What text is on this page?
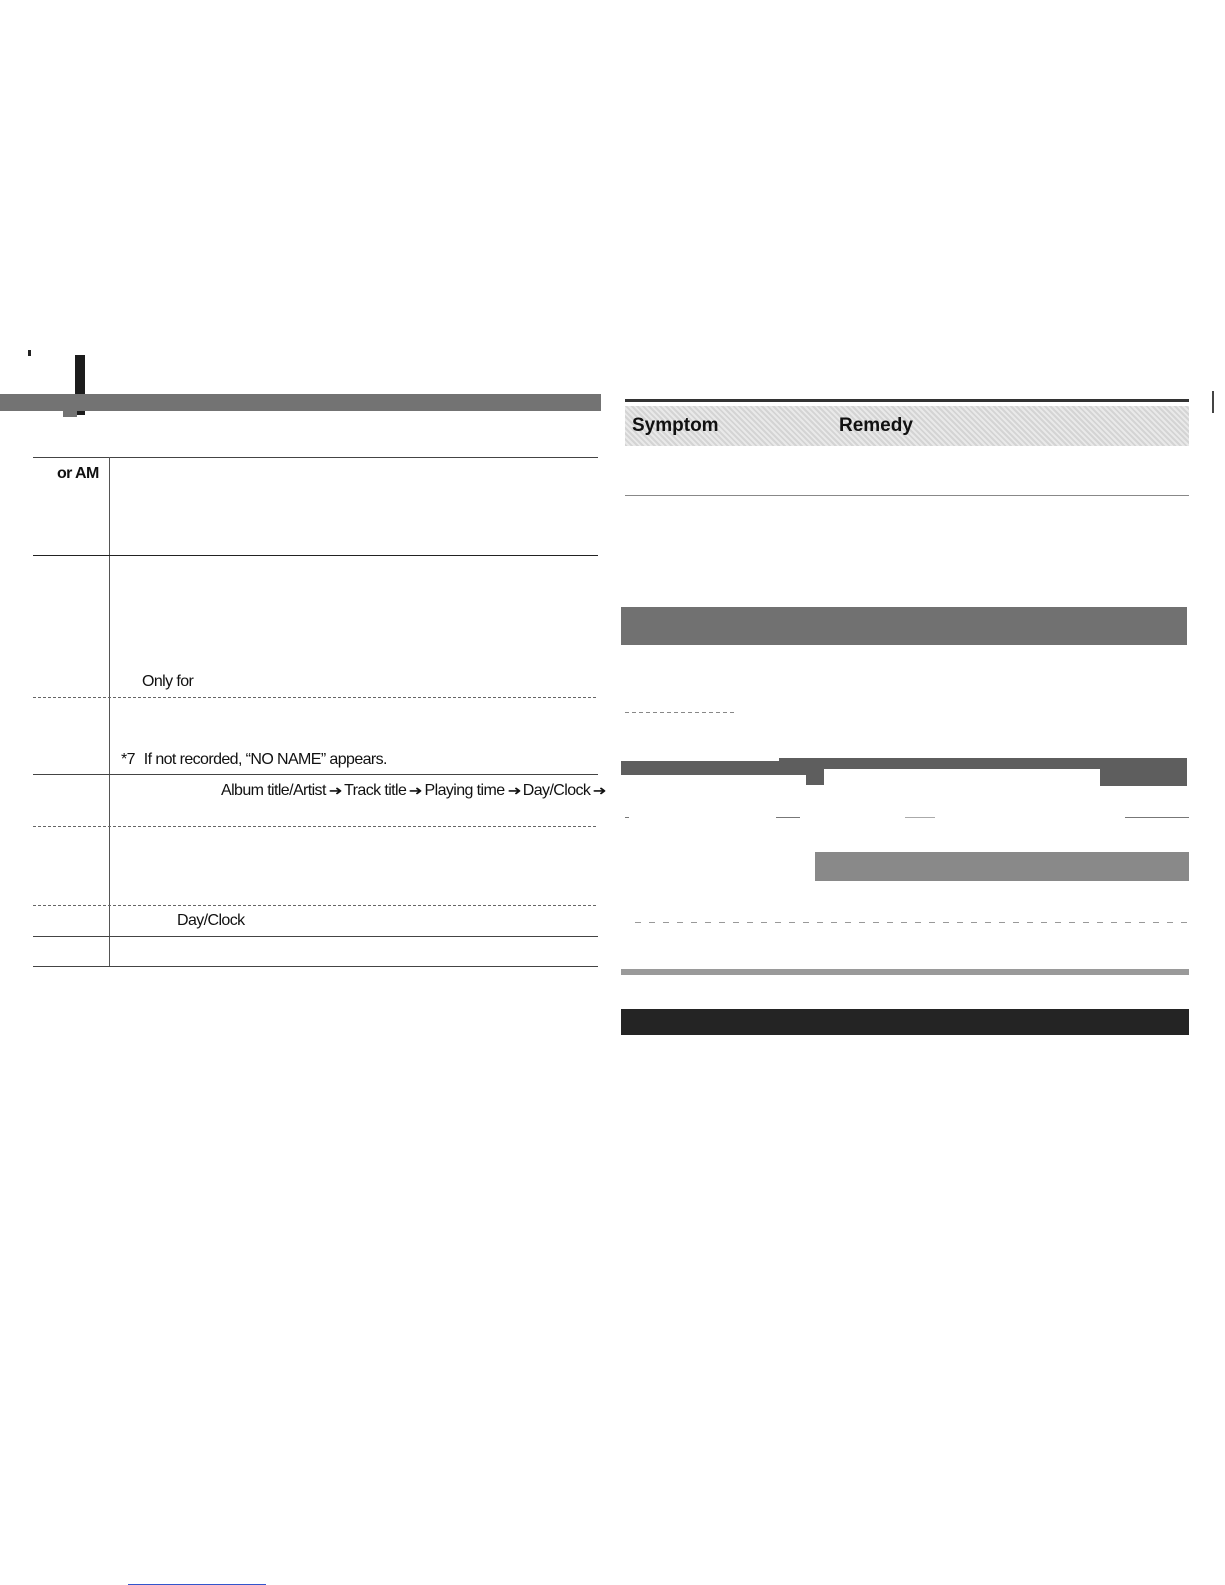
or AM
Only for
*7 If not recorded, “NO NAME” appears.
Album title/Artist ➜ Track title ➜ Playing time ➜ Day/Clock ➜
Day/Clock
Symptom	Remedy
